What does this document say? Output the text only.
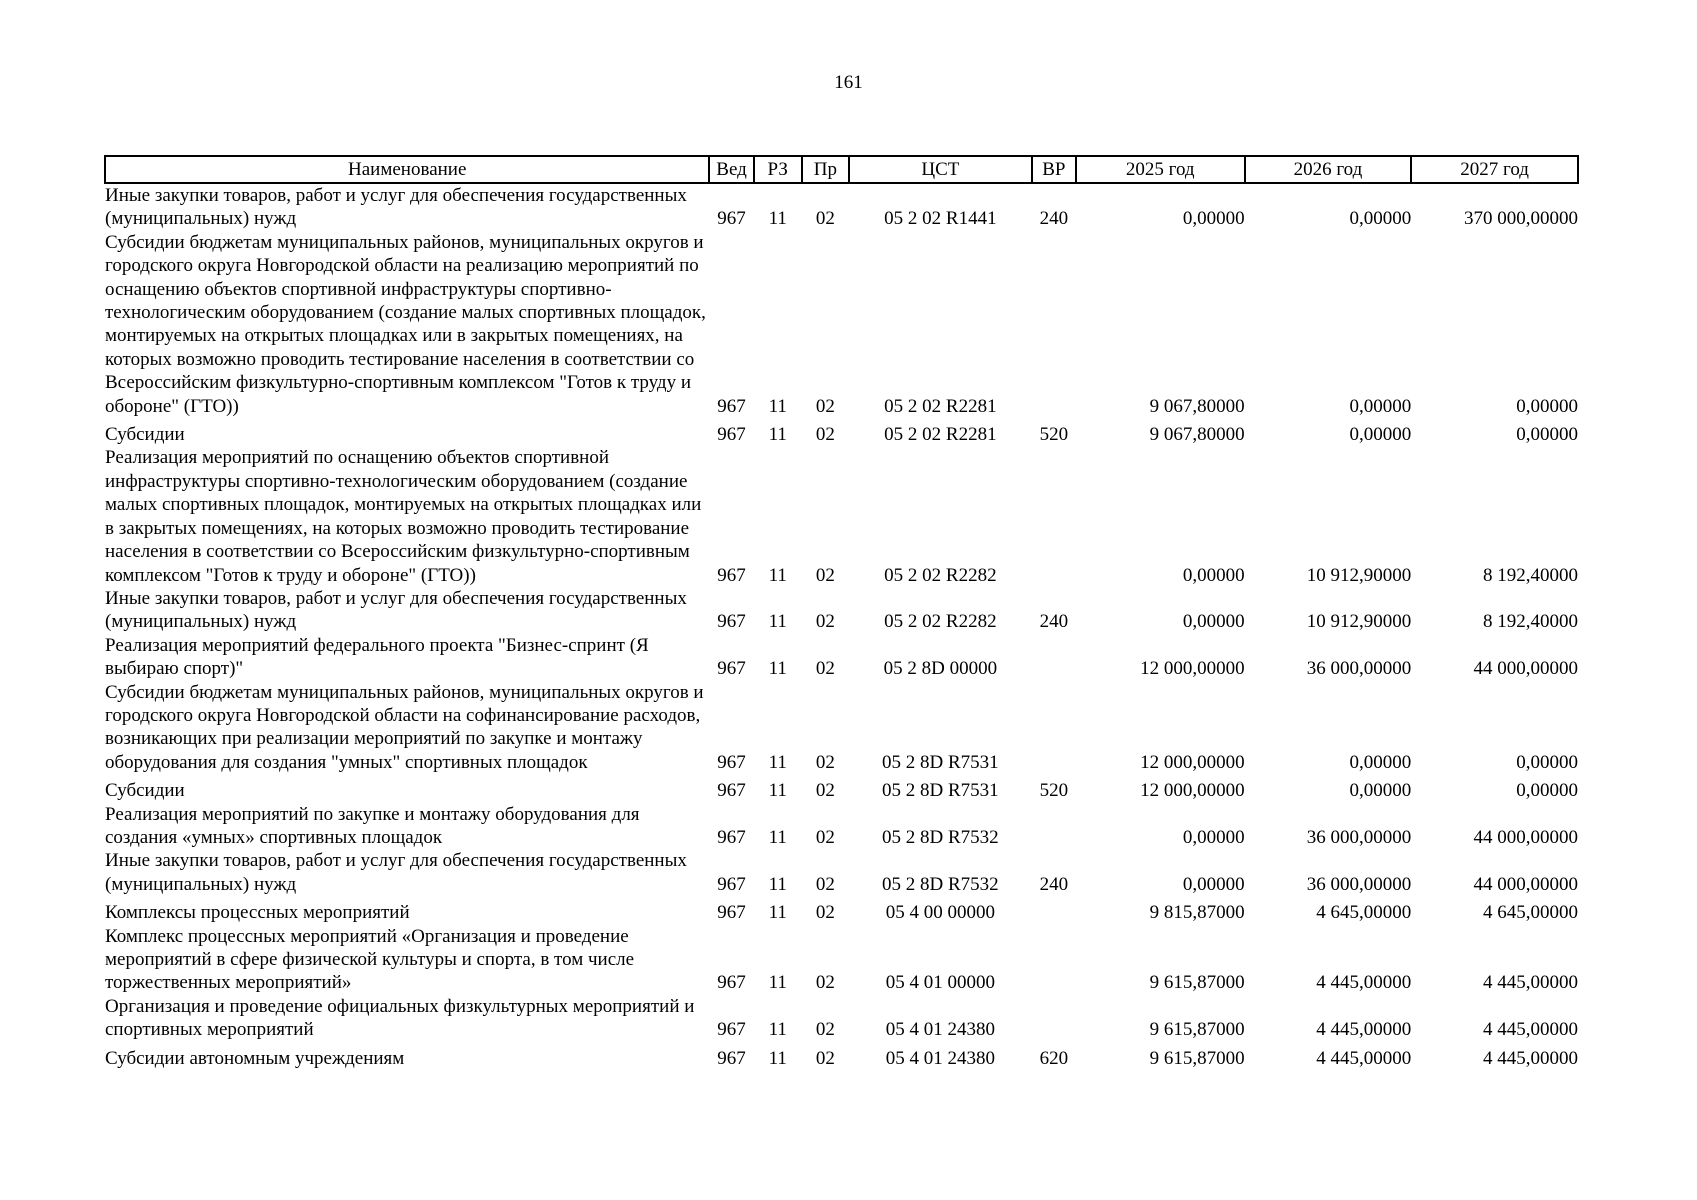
161
Наименование	Вед	РЗ	Пр	ЦСТ	ВР	2025 год	2026 год	2027 год
Иные закупки товаров, работ и услуг для обеспечения государственных (муниципальных) нужд	967	11	02	05 2 02 R1441	240	0,00000	0,00000	370 000,00000
Субсидии бюджетам муниципальных районов, муниципальных округов и городского округа Новгородской области на реализацию мероприятий по оснащению объектов спортивной инфраструктуры спортивно-технологическим оборудованием (создание малых спортивных площадок, монтируемых на открытых площадках или в закрытых помещениях, на которых возможно проводить тестирование населения в соответствии со Всероссийским физкультурно-спортивным комплексом "Готов к труду и обороне" (ГТО))	967	11	02	05 2 02 R2281		9 067,80000	0,00000	0,00000
Субсидии	967	11	02	05 2 02 R2281	520	9 067,80000	0,00000	0,00000
Реализация мероприятий по оснащению объектов спортивной инфраструктуры спортивно-технологическим оборудованием (создание малых спортивных площадок, монтируемых на открытых площадках или в закрытых помещениях, на которых возможно проводить тестирование населения в соответствии со Всероссийским физкультурно-спортивным комплексом "Готов к труду и обороне" (ГТО))	967	11	02	05 2 02 R2282		0,00000	10 912,90000	8 192,40000
Иные закупки товаров, работ и услуг для обеспечения государственных (муниципальных) нужд	967	11	02	05 2 02 R2282	240	0,00000	10 912,90000	8 192,40000
Реализация мероприятий федерального проекта "Бизнес-спринт (Я выбираю спорт)"	967	11	02	05 2 8D 00000		12 000,00000	36 000,00000	44 000,00000
Субсидии бюджетам муниципальных районов, муниципальных округов и городского округа Новгородской области на софинансирование расходов, возникающих при реализации мероприятий по закупке и монтажу оборудования для создания "умных" спортивных площадок	967	11	02	05 2 8D R7531		12 000,00000	0,00000	0,00000
Субсидии	967	11	02	05 2 8D R7531	520	12 000,00000	0,00000	0,00000
Реализация мероприятий по закупке и монтажу оборудования для создания «умных» спортивных площадок	967	11	02	05 2 8D R7532		0,00000	36 000,00000	44 000,00000
Иные закупки товаров, работ и услуг для обеспечения государственных (муниципальных) нужд	967	11	02	05 2 8D R7532	240	0,00000	36 000,00000	44 000,00000
Комплексы процессных мероприятий	967	11	02	05 4 00 00000		9 815,87000	4 645,00000	4 645,00000
Комплекс процессных мероприятий «Организация и проведение мероприятий в сфере физической культуры и спорта, в том числе торжественных мероприятий»	967	11	02	05 4 01 00000		9 615,87000	4 445,00000	4 445,00000
Организация и проведение официальных физкультурных мероприятий и спортивных мероприятий	967	11	02	05 4 01 24380		9 615,87000	4 445,00000	4 445,00000
Субсидии автономным учреждениям	967	11	02	05 4 01 24380	620	9 615,87000	4 445,00000	4 445,00000
